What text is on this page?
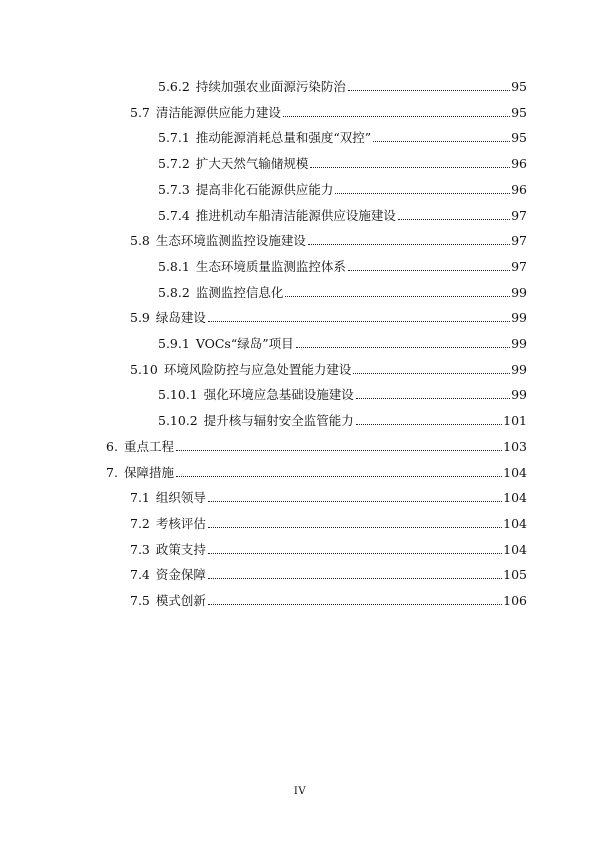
5.6.2 持续加强农业面源污染防治	95
5.7 清洁能源供应能力建设	95
5.7.1 推动能源消耗总量和强度“双控”	95
5.7.2 扩大天然气输储规模	96
5.7.3 提高非化石能源供应能力	96
5.7.4 推进机动车船清洁能源供应设施建设	97
5.8 生态环境监测监控设施建设	97
5.8.1 生态环境质量监测监控体系	97
5.8.2 监测监控信息化	99
5.9 绿岛建设	99
5.9.1 VOCs“绿岛”项目	99
5.10 环境风险防控与应急处置能力建设	99
5.10.1 强化环境应急基础设施建设	99
5.10.2 提升核与辐射安全监管能力	101
6. 重点工程	103
7. 保障措施	104
7.1 组织领导	104
7.2 考核评估	104
7.3 政策支持	104
7.4 资金保障	105
7.5 模式创新	106
IV
